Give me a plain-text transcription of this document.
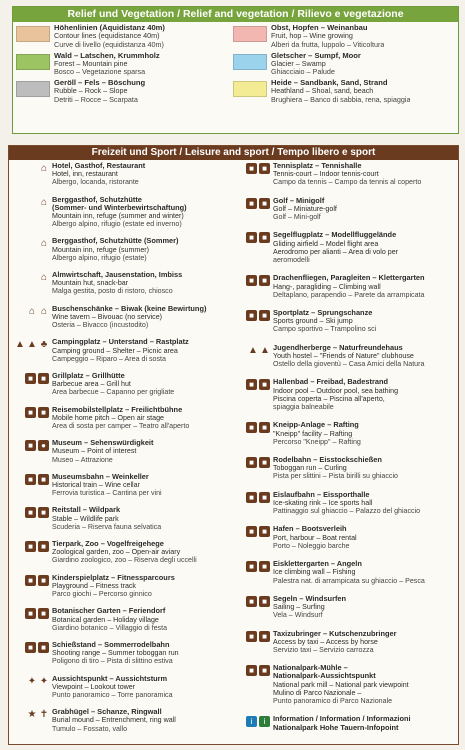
Relief und Vegetation / Relief and vegetation / Rilievo e vegetazione
Höhenlinien (Äquidistanz 40m)
Contour lines (equidistance 40m)
Curve di livello (equidistanza 40m)
Obst, Hopfen – Weinanbau
Fruit, hop – Wine growing
Alberi da frutta, luppolo – Viticoltura
Wald – Latschen, Krummholz
Forest – Mountain pine
Bosco – Vegetazione sparsa
Gletscher – Sumpf, Moor
Glacier – Swamp
Ghiacciaio – Palude
Geröll – Fels – Böschung
Rubble – Rock – Slope
Detriti – Rocce – Scarpata
Heide – Sandbank, Sand, Strand
Heathland – Shoal, sand, beach
Brughiera – Banco di sabbia, rena, spiaggia
Freizeit und Sport / Leisure and sport / Tempo libero e sport
⌂ Hotel, Gasthof, Restaurant
Hotel, inn, restaurant
Albergo, locanda, ristorante
⌂ Berggasthof, Schutzhütte
(Sommer- und Winterbewirtschaftung)
Mountain inn, refuge (summer and winter)
Albergo alpino, rifugio (estate ed inverno)
⌂ Berggasthof, Schutzhütte (Sommer)
Mountain inn, refuge (summer)
Albergo alpino, rifugio (estate)
⌂ Almwirtschaft, Jausenstation, Imbiss
Mountain hut, snack-bar
Malga gestita, posto di ristoro, chiosco
⌂ ⌂ Buschenschänke – Biwak (keine Bewirtung)
Wine tavern – Bivouac (no service)
Osteria – Bivacco (incustodito)
▲ ▲ ♣ Campingplatz – Unterstand – Rastplatz
Camping ground – Shelter – Picnic area
Campeggio – Riparo – Area di sosta
■	■ Grillplatz – Grillhütte
Barbecue area – Grill hut
Area barbecue – Capanno per grigliate
■	■ Reisemobilstellplatz – Freilichtbühne
Mobile home pitch – Open air stage
Area di sosta per camper – Teatro all'aperto
■	● Museum – Sehenswürdigkeit
Museum – Point of interest
Museo – Attrazione
■	■ Museumsbahn – Weinkeller
Historical train – Wine cellar
Ferrovia turistica – Cantina per vini
■	■ Reitstall – Wildpark
Stable – Wildlife park
Scuderia – Riserva fauna selvatica
■	■ Tierpark, Zoo – Vogelfreigehege
Zoological garden, zoo – Open-air aviary
Giardino zoologico, zoo – Riserva degli uccelli
■	■ Kinderspielplatz – Fitnessparcours
Playground – Fitness track
Parco giochi – Percorso ginnico
■	■ Botanischer Garten – Feriendorf
Botanical garden – Holiday village
Giardino botanico – Villaggio di festa
■	■ Schießstand – Sommerrodelbahn
Shooting range – Summer toboggan run
Poligono di tiro – Pista di slittino estiva
✦ ✦ Aussichtspunkt – Aussichtsturm
Viewpoint – Lookout tower
Punto panoramico – Torre panoramica
★ ✝ Grabhügel – Schanze, Ringwall
Burial mound – Entrenchment, ring wall
Tumulo – Fossato, vallo
■	■ Tennisplatz – Tennishalle
Tennis-court – Indoor tennis-court
Campo da tennis – Campo da tennis al coperto
■	■ Golf – Minigolf
Golf – Miniature-golf
Golf – Mini-golf
■	■ Segelflugplatz – Modellfluggelände
Gliding airfield – Model flight area
Aerodromo per alianti – Area di volo per
aeromodelli
■	■ Drachenfliegen, Paragleiten – Klettergarten
Hang-, paragliding – Climbing wall
Deltaplano, parapendio – Parete da arrampicata
■	■ Sportplatz – Sprungschanze
Sports ground – Ski jump
Campo sportivo – Trampolino sci
▲ ▲ Jugendherberge – Naturfreundehaus
Youth hostel – "Friends of Nature" clubhouse
Ostello della gioventù – Casa Amici della Natura
■	■ Hallenbad – Freibad, Badestrand
Indoor pool – Outdoor pool, sea bathing
Piscina coperta – Piscina all'aperto,
spiaggia balneabile
■	■ Kneipp-Anlage – Rafting
"Kneipp" facility – Rafting
Percorso "Kneipp" – Rafting
■	■ Rodelbahn – Eisstockschießen
Toboggan run – Curling
Pista per slittini – Pista birilli su ghiaccio
■	■ Eislaufbahn – Eissporthalle
Ice-skating rink – Ice sports hall
Pattinaggio sul ghiaccio – Palazzo del ghiaccio
■	■ Hafen – Bootsverleih
Port, harbour – Boat rental
Porto – Noleggio barche
■	■ Eisklettergarten – Angeln
Ice climbing wall – Fishing
Palestra nat. di arrampicata su ghiaccio – Pesca
■	■ Segeln – Windsurfen
Sailing – Surfing
Vela – Windsurf
■	■ Taxizubringer – Kutschenzubringer
Access by taxi – Access by horse
Servizio taxi – Servizio carrozza
■	■ Nationalpark-Mühle –
Nationalpark-Aussichtspunkt
National park mill – National park viewpoint
Mulino di Parco Nazionale –
Punto panoramico di Parco Nazionale
i	i	Information / Information / Informazioni
Nationalpark Hohe Tauern-Infopoint
